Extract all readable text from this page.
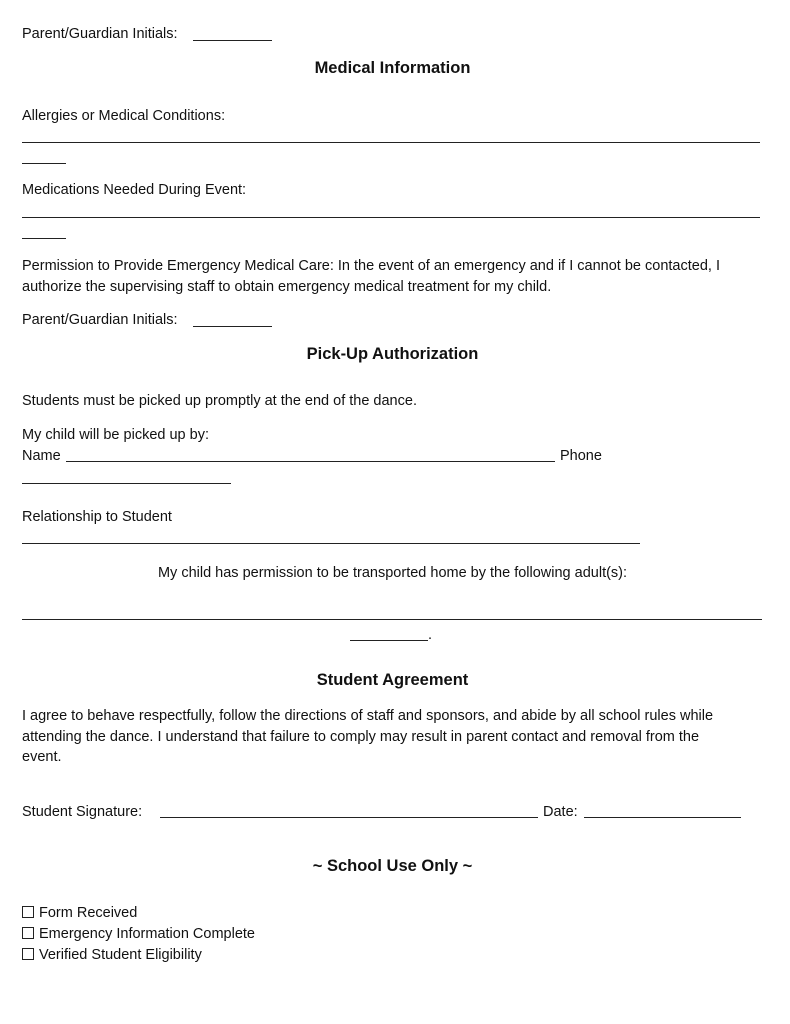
Parent/Guardian Initials:
Medical Information
Allergies or Medical Conditions:
Medications Needed During Event:
Permission to Provide Emergency Medical Care: In the event of an emergency and if I cannot be contacted, I authorize the supervising staff to obtain emergency medical treatment for my child.
Parent/Guardian Initials:
Pick-Up Authorization
Students must be picked up promptly at the end of the dance.
My child will be picked up by:
Name	Phone
Relationship to Student
My child has permission to be transported home by the following adult(s):
.
Student Agreement
I agree to behave respectfully, follow the directions of staff and sponsors, and abide by all school rules while attending the dance. I understand that failure to comply may result in parent contact and removal from the event.
Student Signature:	Date:
~ School Use Only ~
Form Received
Emergency Information Complete
Verified Student Eligibility
